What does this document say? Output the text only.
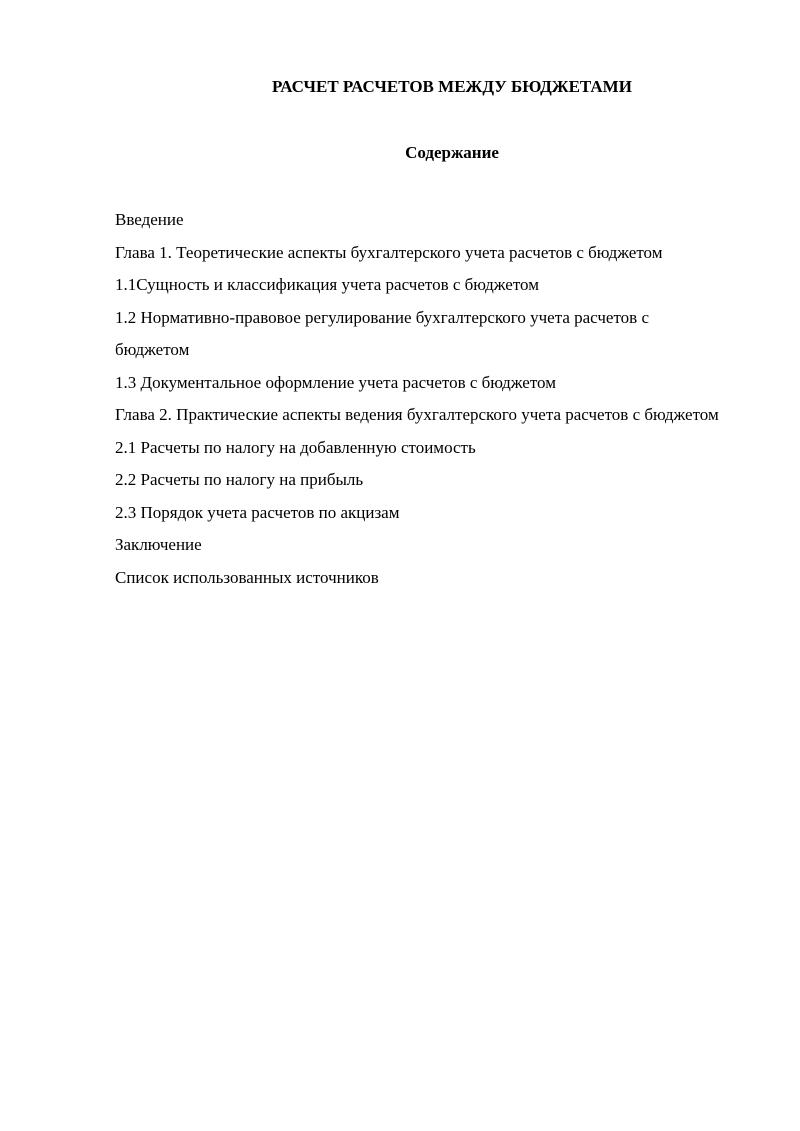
РАСЧЕТ РАСЧЕТОВ МЕЖДУ БЮДЖЕТАМИ
Содержание
Введение
Глава 1. Теоретические аспекты бухгалтерского учета расчетов с бюджетом
1.1Сущность и классификация учета расчетов с бюджетом
1.2 Нормативно-правовое регулирование бухгалтерского учета расчетов с бюджетом
1.3 Документальное оформление учета расчетов с бюджетом
Глава 2. Практические аспекты ведения бухгалтерского учета расчетов с бюджетом
2.1 Расчеты по налогу на добавленную стоимость
2.2 Расчеты по налогу на прибыль
2.3 Порядок учета расчетов по акцизам
Заключение
Список использованных источников
